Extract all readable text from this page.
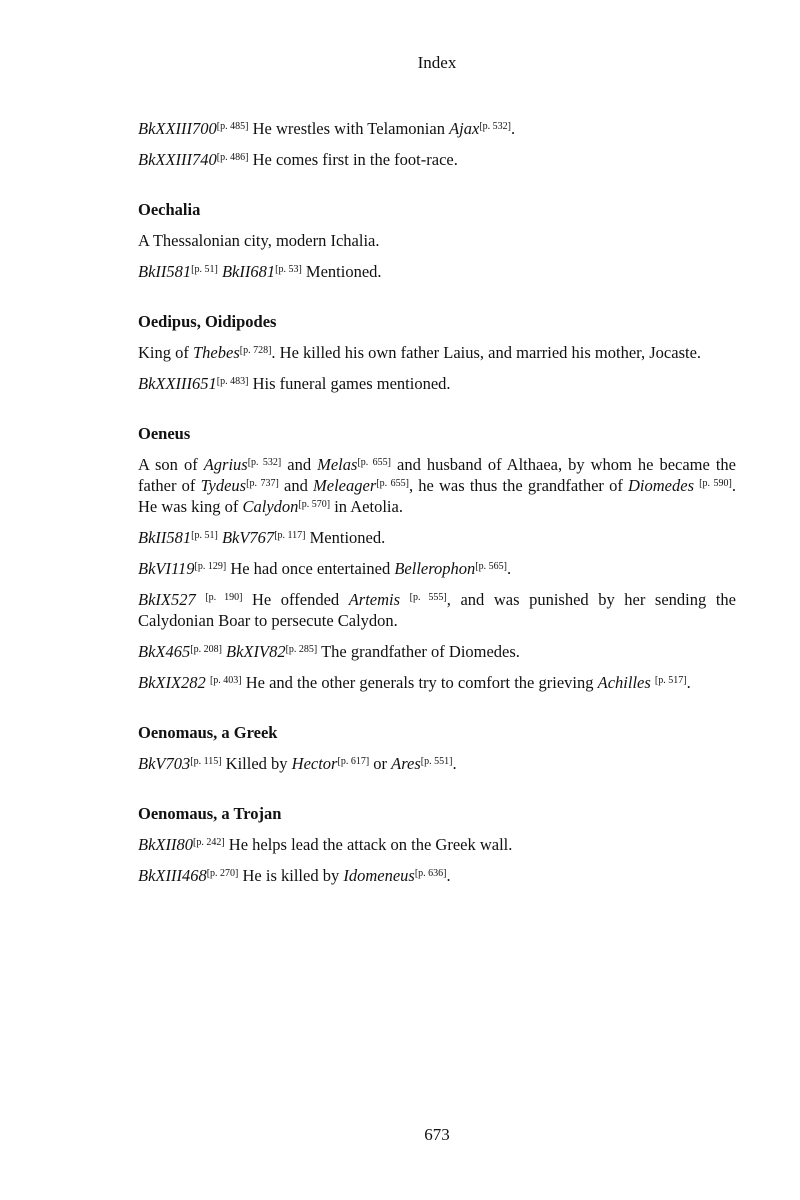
Index

BkXXIII700[p. 485] He wrestles with Telamonian Ajax[p. 532].

BkXXIII740[p. 486] He comes first in the foot-race.

Oechalia

A Thessalonian city, modern Ichalia.

BkII581[p. 51] BkII681[p. 53] Mentioned.

Oedipus, Oidipodes

King of Thebes[p. 728]. He killed his own father Laius, and married his mother, Jocaste.

BkXXIII651[p. 483] His funeral games mentioned.

Oeneus

A son of Agrius[p. 532] and Melas[p. 655] and husband of Althaea, by whom he became the father of Tydeus[p. 737] and Meleager[p. 655], he was thus the grandfather of Diomedes [p. 590]. He was king of Calydon[p. 570] in Aetolia.

BkII581[p. 51] BkV767[p. 117] Mentioned.

BkVI119[p. 129] He had once entertained Bellerophon[p. 565].

BkIX527 [p. 190] He offended Artemis [p. 555], and was punished by her sending the Calydonian Boar to persecute Calydon.

BkX465[p. 208] BkXIV82[p. 285] The grandfather of Diomedes.

BkXIX282 [p. 403] He and the other generals try to comfort the grieving Achilles [p. 517].

Oenomaus, a Greek

BkV703[p. 115] Killed by Hector[p. 617] or Ares[p. 551].

Oenomaus, a Trojan

BkXII80[p. 242] He helps lead the attack on the Greek wall.

BkXIII468[p. 270] He is killed by Idomeneus[p. 636].

673
